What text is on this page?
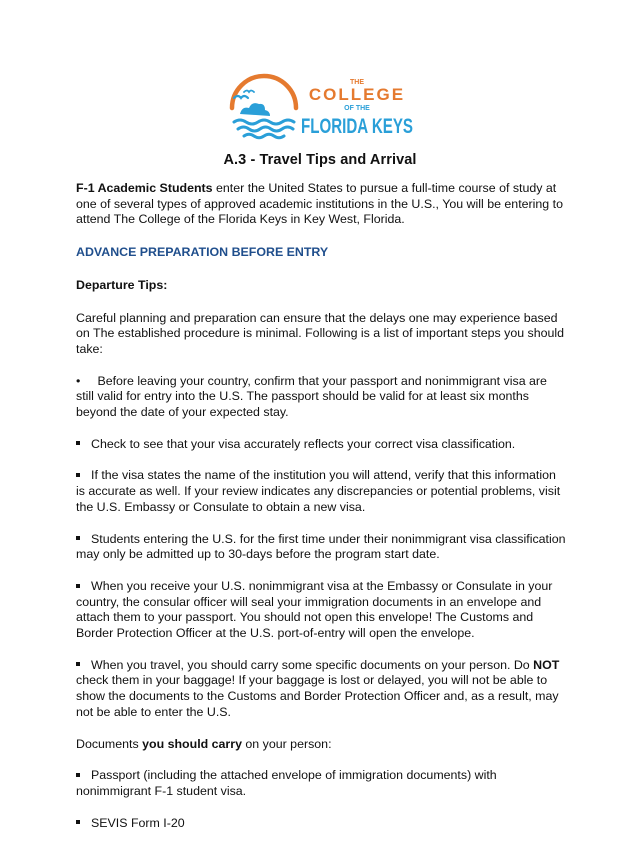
THE
COLLEGE
OF THE
FLORIDA KEYS
A.3 - Travel Tips and Arrival

F-1 Academic Students enter the United States to pursue a full-time course of study at one of several types of approved academic institutions in the U.S., You will be entering to attend The College of the Florida Keys in Key West, Florida.

ADVANCE PREPARATION BEFORE ENTRY

Departure Tips:

Careful planning and preparation can ensure that the delays one may experience based on The established procedure is minimal. Following is a list of important steps you should take:

• Before leaving your country, confirm that your passport and nonimmigrant visa are still valid for entry into the U.S. The passport should be valid for at least six months beyond the date of your expected stay.

Check to see that your visa accurately reflects your correct visa classification.

If the visa states the name of the institution you will attend, verify that this information is accurate as well. If your review indicates any discrepancies or potential problems, visit the U.S. Embassy or Consulate to obtain a new visa.

Students entering the U.S. for the first time under their nonimmigrant visa classification may only be admitted up to 30-days before the program start date.

When you receive your U.S. nonimmigrant visa at the Embassy or Consulate in your country, the consular officer will seal your immigration documents in an envelope and attach them to your passport. You should not open this envelope! The Customs and Border Protection Officer at the U.S. port-of-entry will open the envelope.

When you travel, you should carry some specific documents on your person. Do NOT check them in your baggage! If your baggage is lost or delayed, you will not be able to show the documents to the Customs and Border Protection Officer and, as a result, may not be able to enter the U.S.

Documents you should carry on your person:

Passport (including the attached envelope of immigration documents) with nonimmigrant F-1 student visa.

SEVIS Form I-20
